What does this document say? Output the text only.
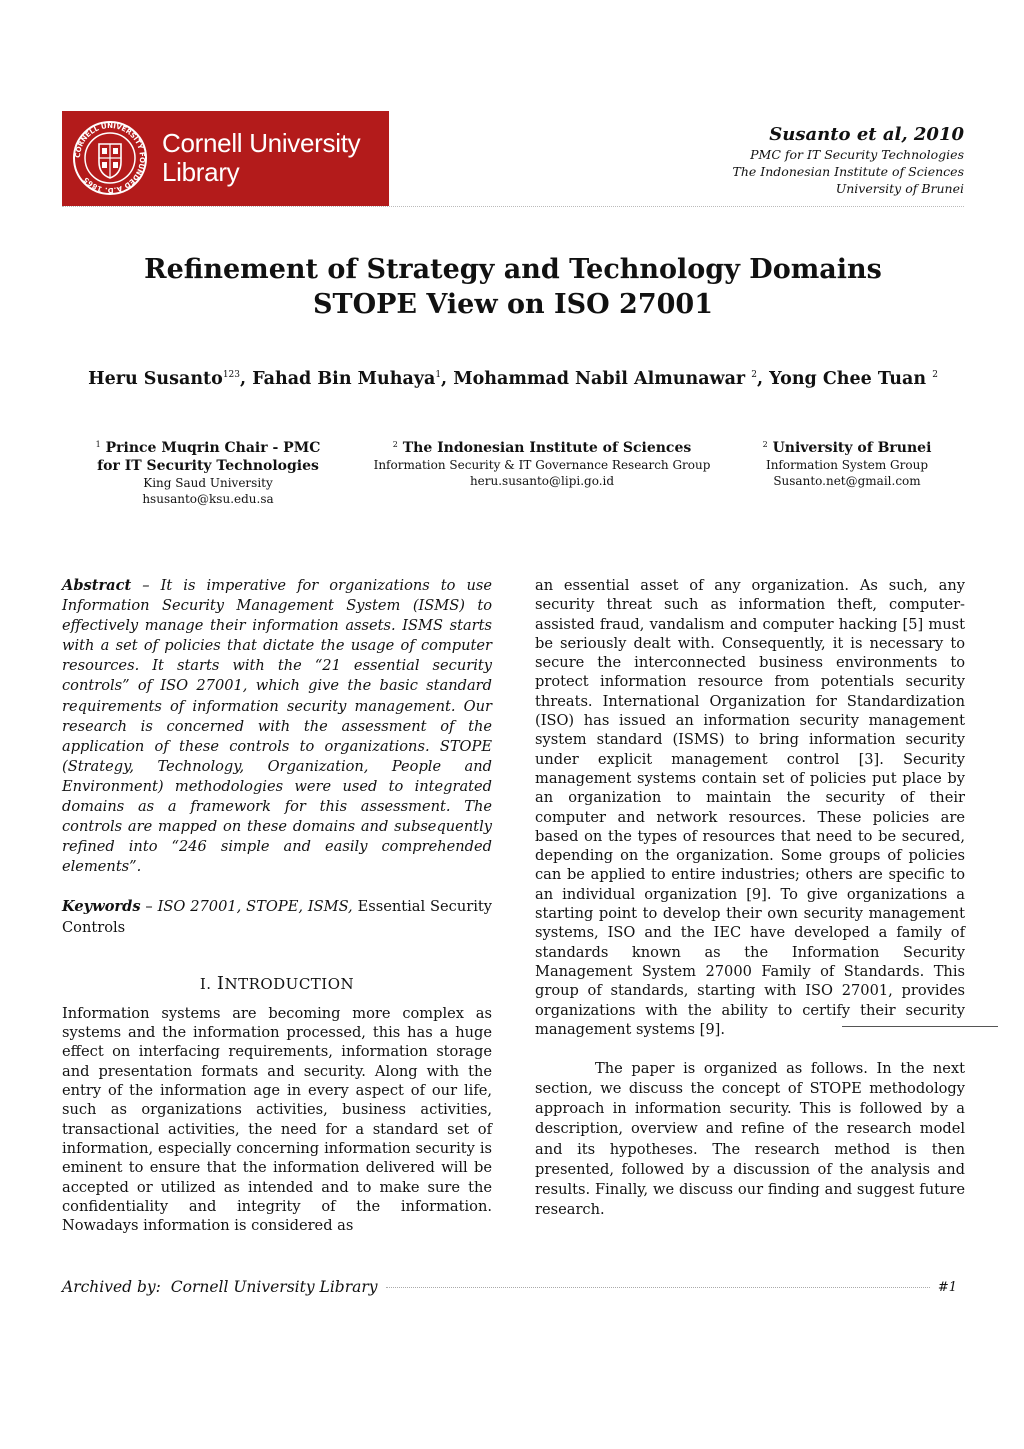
CORNELL UNIVERSITY FOUNDED A.D. 1865
Cornell University
Library
Susanto et al, 2010
PMC for IT Security Technologies
The Indonesian Institute of Sciences
University of Brunei
Refinement of Strategy and Technology Domains
STOPE View on ISO 27001
Heru Susanto$^{123}$, Fahad Bin Muhaya$^1$, Mohammad Nabil Almunawar $^2$, Yong Chee Tuan $^2$
$^1$ Prince Muqrin Chair - PMC
for IT Security Technologies
King Saud University
hsusanto@ksu.edu.sa
$^2$ The Indonesian Institute of Sciences
Information Security & IT Governance Research Group
heru.susanto@lipi.go.id
$^2$ University of Brunei
Information System Group
Susanto.net@gmail.com
Abstract – It is imperative for organizations to use Information Security Management System (ISMS) to effectively manage their information assets. ISMS starts with a set of policies that dictate the usage of computer resources. It starts with the “21 essential security controls” of ISO 27001, which give the basic standard requirements of information security management. Our research is concerned with the assessment of the application of these controls to organizations. STOPE (Strategy, Technology, Organization, People and Environment) methodologies were used to integrated domains as a framework for this assessment. The controls are mapped on these domains and subsequently refined into “246 simple and easily comprehended elements”.
Keywords – ISO 27001, STOPE, ISMS, Essential Security Controls
I. INTRODUCTION
Information systems are becoming more complex as systems and the information processed, this has a huge effect on interfacing requirements, information storage and presentation formats and security. Along with the entry of the information age in every aspect of our life, such as organizations activities, business activities, transactional activities, the need for a standard set of information, especially concerning information security is eminent to ensure that the information delivered will be accepted or utilized as intended and to make sure the confidentiality and integrity of the information. Nowadays information is considered as
an essential asset of any organization. As such, any security threat such as information theft, computer-assisted fraud, vandalism and computer hacking [5] must be seriously dealt with. Consequently, it is necessary to secure the interconnected business environments to protect information resource from potentials security threats. International Organization for Standardization (ISO) has issued an information security management system standard (ISMS) to bring information security under explicit management control [3]. Security management systems contain set of policies put place by an organization to maintain the security of their computer and network resources. These policies are based on the types of resources that need to be secured, depending on the organization. Some groups of policies can be applied to entire industries; others are specific to an individual organization [9]. To give organizations a starting point to develop their own security management systems, ISO and the IEC have developed a family of standards known as the Information Security Management System 27000 Family of Standards. This group of standards, starting with ISO 27001, provides organizations with the ability to certify their security management systems [9].
The paper is organized as follows. In the next section, we discuss the concept of STOPE methodology approach in information security. This is followed by a description, overview and refine of the research model and its hypotheses. The research method is then presented, followed by a discussion of the analysis and results. Finally, we discuss our finding and suggest future research.
Archived by:
Cornell University Library	#1
